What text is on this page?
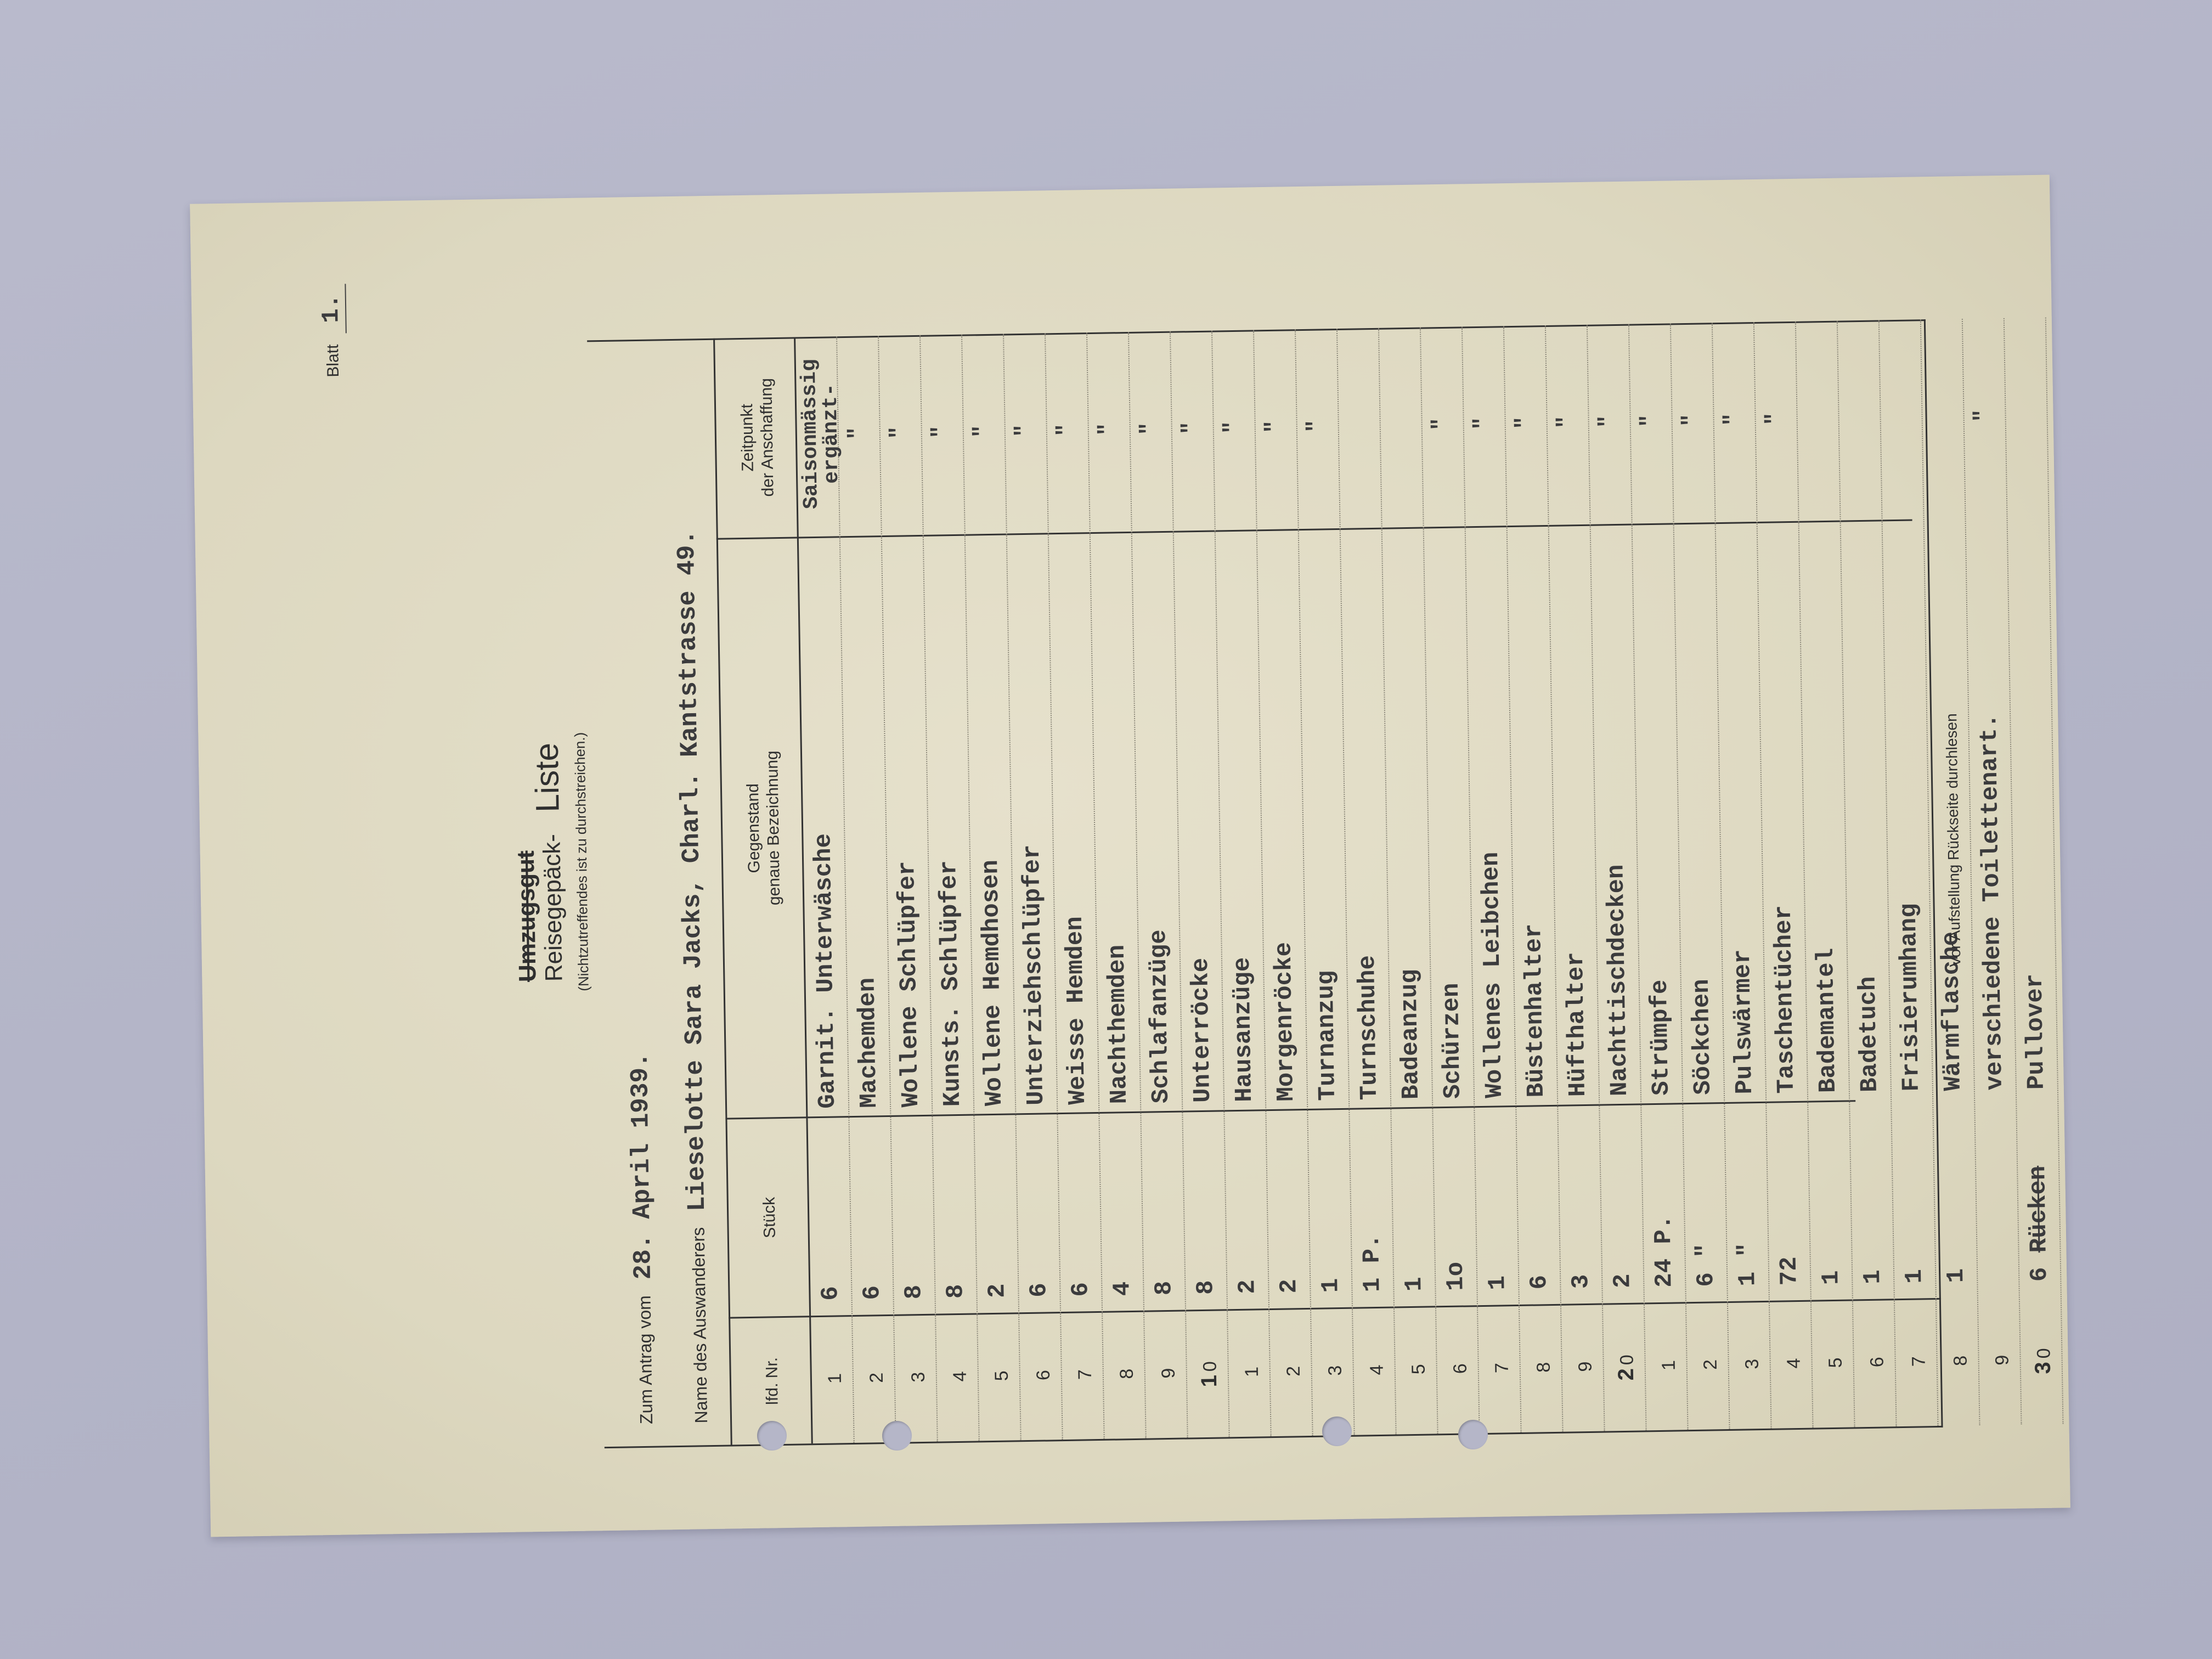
Blatt 1.
Umzugsgut
Reisegepäck- Liste (Nichtzutreffendes ist zu durchstreichen.)
Zum Antrag vom 28. April 1939.
Name des Auswanderers Lieselotte Sara Jacks, Charl. Kantstrasse 49.
lfd. Nr.
Stück
Gegenstand genaue Bezeichnung
Zeitpunkt der Anschaffung
1
6
Garnit. Unterwäsche
Saisonmässig ergänzt-
2
6
Machemden
"
3
8
Wollene Schlüpfer
"
4
8
Kunsts. Schlüpfer
"
5
2
Wollene Hemdhosen
"
6
6
Unterziehschlüpfer
"
7
6
Weisse Hemden
"
8
4
Nachthemden
"
9
8
Schlafanzüge
"
10
8
Unterröcke
"
1
2
Hausanzüge
"
2
2
Morgenröcke
"
3
1
Turnanzug
"
4
1 P.
Turnschuhe
5
1
Badeanzug
6
1o
Schürzen
"
7
1
Wollenes Leibchen
"
8
6
Büstenhalter
"
9
3
Hüfthalter
"
20
2
Nachttischdecken
"
1
24 P.
Strümpfe
"
2
6 "
Söckchen
"
3
1 "
Pulswärmer
"
4
72
Taschentücher
"
5
1
Bademantel
6
1
Badetuch
7
1
Frisierumhang
8
1
Wärmflasche
9
verschiedene Toilettenart.
"
30
6 Rücken
Pullover
Vor Aufstellung Rückseite durchlesen
